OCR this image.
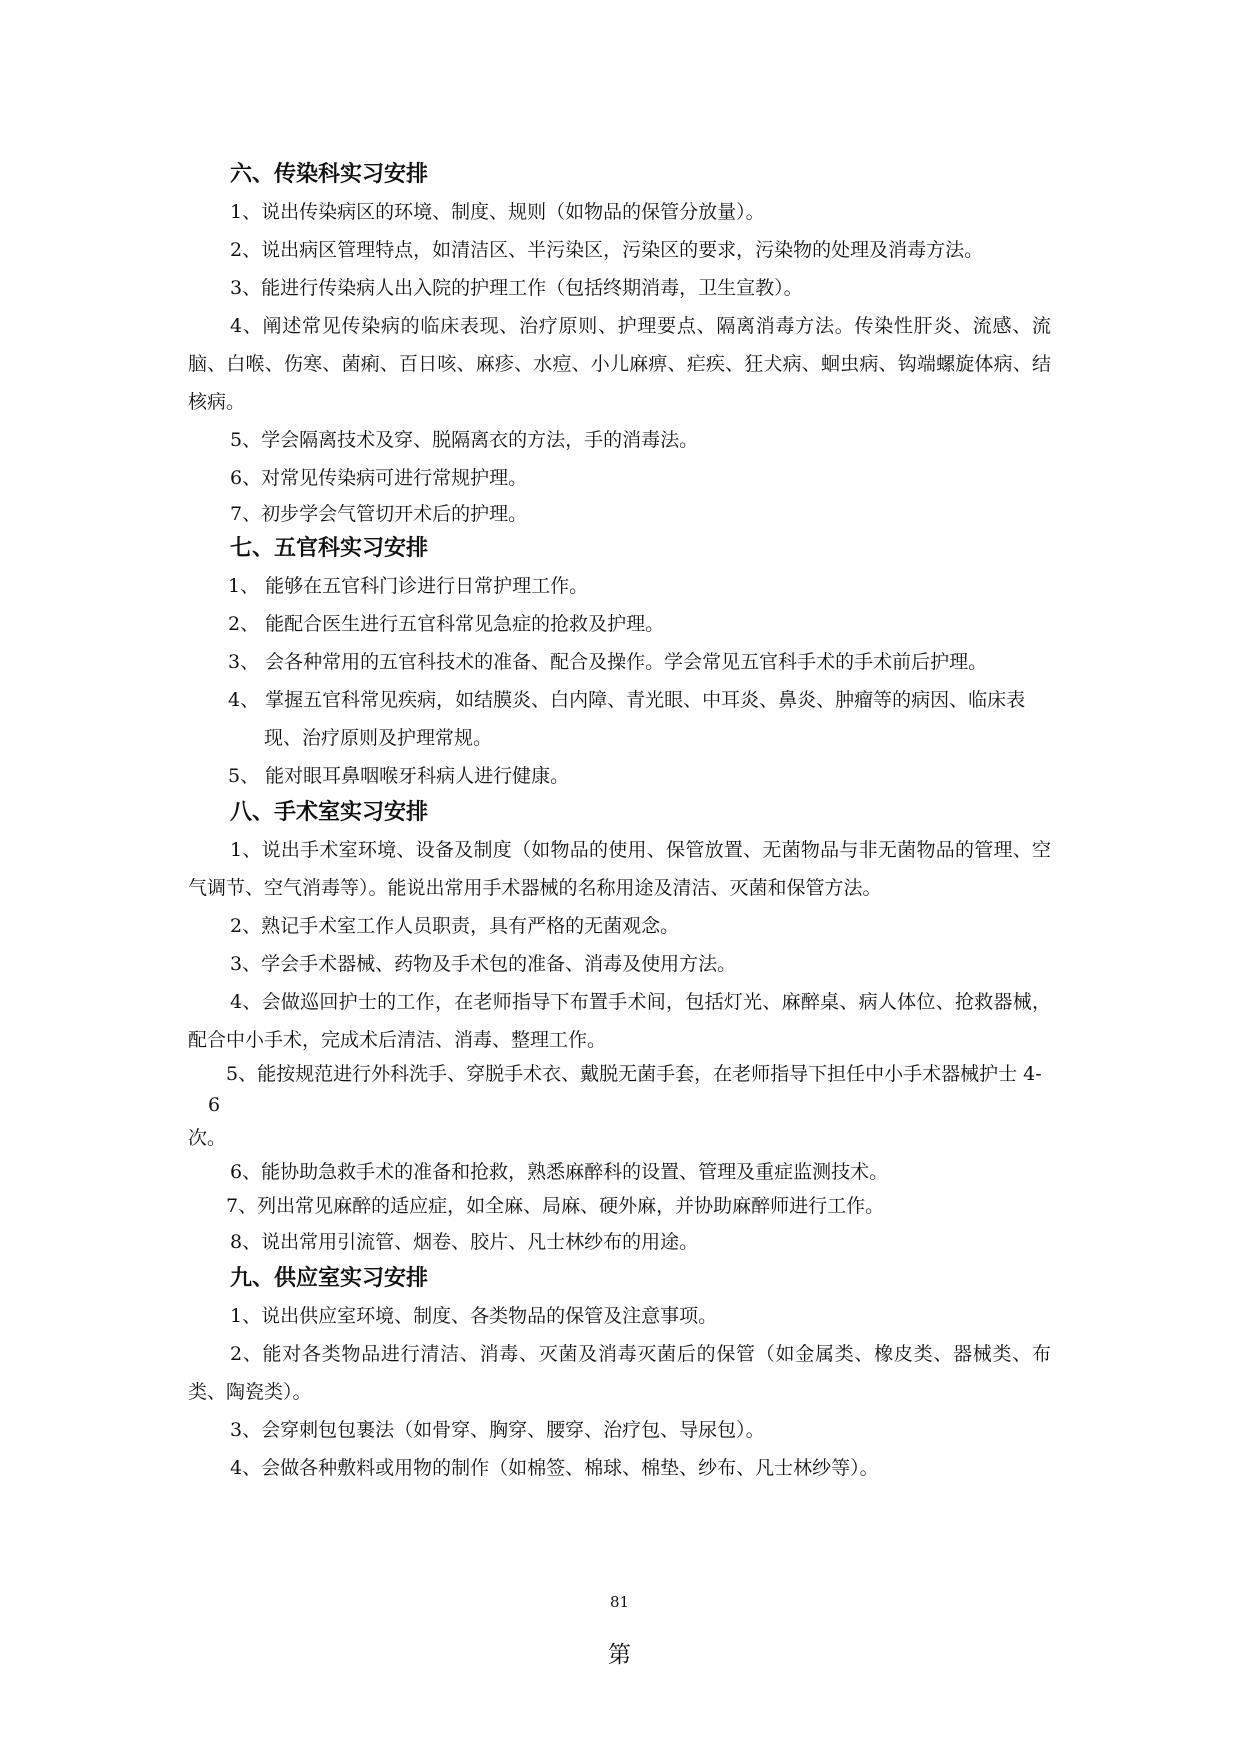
六、传染科实习安排

1、说出传染病区的环境、制度、规则（如物品的保管分放量）。

2、说出病区管理特点，如清洁区、半污染区，污染区的要求，污染物的处理及消毒方法。

3、能进行传染病人出入院的护理工作（包括终期消毒，卫生宣教）。

4、阐述常见传染病的临床表现、治疗原则、护理要点、隔离消毒方法。传染性肝炎、流感、流脑、白喉、伤寒、菌痢、百日咳、麻疹、水痘、小儿麻痹、疟疾、狂犬病、蛔虫病、钩端螺旋体病、结核病。

5、学会隔离技术及穿、脱隔离衣的方法，手的消毒法。

6、对常见传染病可进行常规护理。

7、初步学会气管切开术后的护理。

七、五官科实习安排

1、 能够在五官科门诊进行日常护理工作。

2、 能配合医生进行五官科常见急症的抢救及护理。

3、 会各种常用的五官科技术的准备、配合及操作。学会常见五官科手术的手术前后护理。

4、 掌握五官科常见疾病，如结膜炎、白内障、青光眼、中耳炎、鼻炎、肿瘤等的病因、临床表现、治疗原则及护理常规。

5、 能对眼耳鼻咽喉牙科病人进行健康。

八、手术室实习安排

1、说出手术室环境、设备及制度（如物品的使用、保管放置、无菌物品与非无菌物品的管理、空气调节、空气消毒等）。能说出常用手术器械的名称用途及清洁、灭菌和保管方法。

2、熟记手术室工作人员职责，具有严格的无菌观念。

3、学会手术器械、药物及手术包的准备、消毒及使用方法。

4、会做巡回护士的工作，在老师指导下布置手术间，包括灯光、麻醉桌、病人体位、抢救器械，配合中小手术，完成术后清洁、消毒、整理工作。

5、能按规范进行外科洗手、穿脱手术衣、戴脱无菌手套，在老师指导下担任中小手术器械护士 4-6

次。

6、能协助急救手术的准备和抢救，熟悉麻醉科的设置、管理及重症监测技术。

7、列出常见麻醉的适应症，如全麻、局麻、硬外麻，并协助麻醉师进行工作。

8、说出常用引流管、烟卷、胶片、凡士林纱布的用途。

九、供应室实习安排

1、说出供应室环境、制度、各类物品的保管及注意事项。

2、能对各类物品进行清洁、消毒、灭菌及消毒灭菌后的保管（如金属类、橡皮类、器械类、布类、陶瓷类）。

3、会穿刺包包裹法（如骨穿、胸穿、腰穿、治疗包、导尿包）。

4、会做各种敷料或用物的制作（如棉签、棉球、棉垫、纱布、凡士林纱等）。

81
第
